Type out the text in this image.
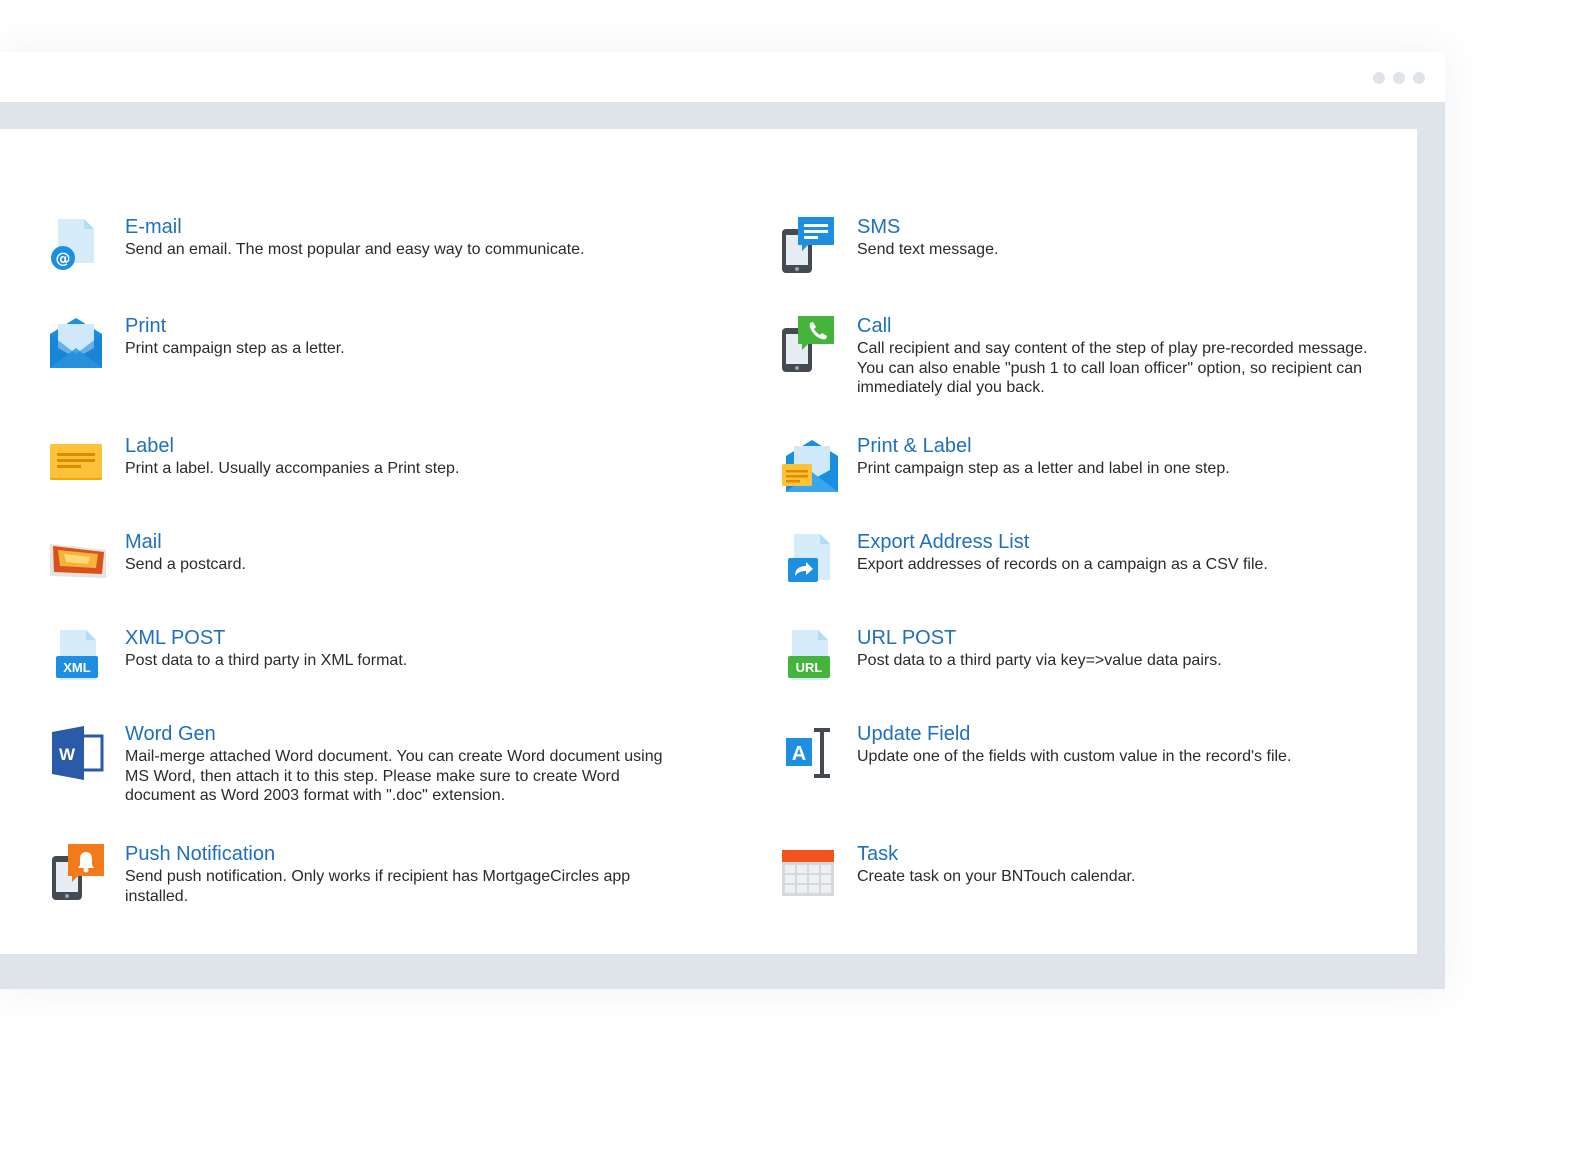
@
E-mail
Send an email. The most popular and easy way to communicate.
Print
Print campaign step as a letter.
Label
Print a label. Usually accompanies a Print step.
Mail
Send a postcard.
XML
XML POST
Post data to a third party in XML format.
W
Word Gen
Mail-merge attached Word document. You can create Word document using MS Word, then attach it to this step. Please make sure to create Word document as Word 2003 format with ".doc" extension.
Push Notification
Send push notification. Only works if recipient has MortgageCircles app installed.
SMS
Send text message.
Call
Call recipient and say content of the step of play pre-recorded message. You can also enable "push 1 to call loan officer" option, so recipient can immediately dial you back.
Print & Label
Print campaign step as a letter and label in one step.
Export Address List
Export addresses of records on a campaign as a CSV file.
URL
URL POST
Post data to a third party via key=>value data pairs.
A
Update Field
Update one of the fields with custom value in the record's file.
Task
Create task on your BNTouch calendar.
